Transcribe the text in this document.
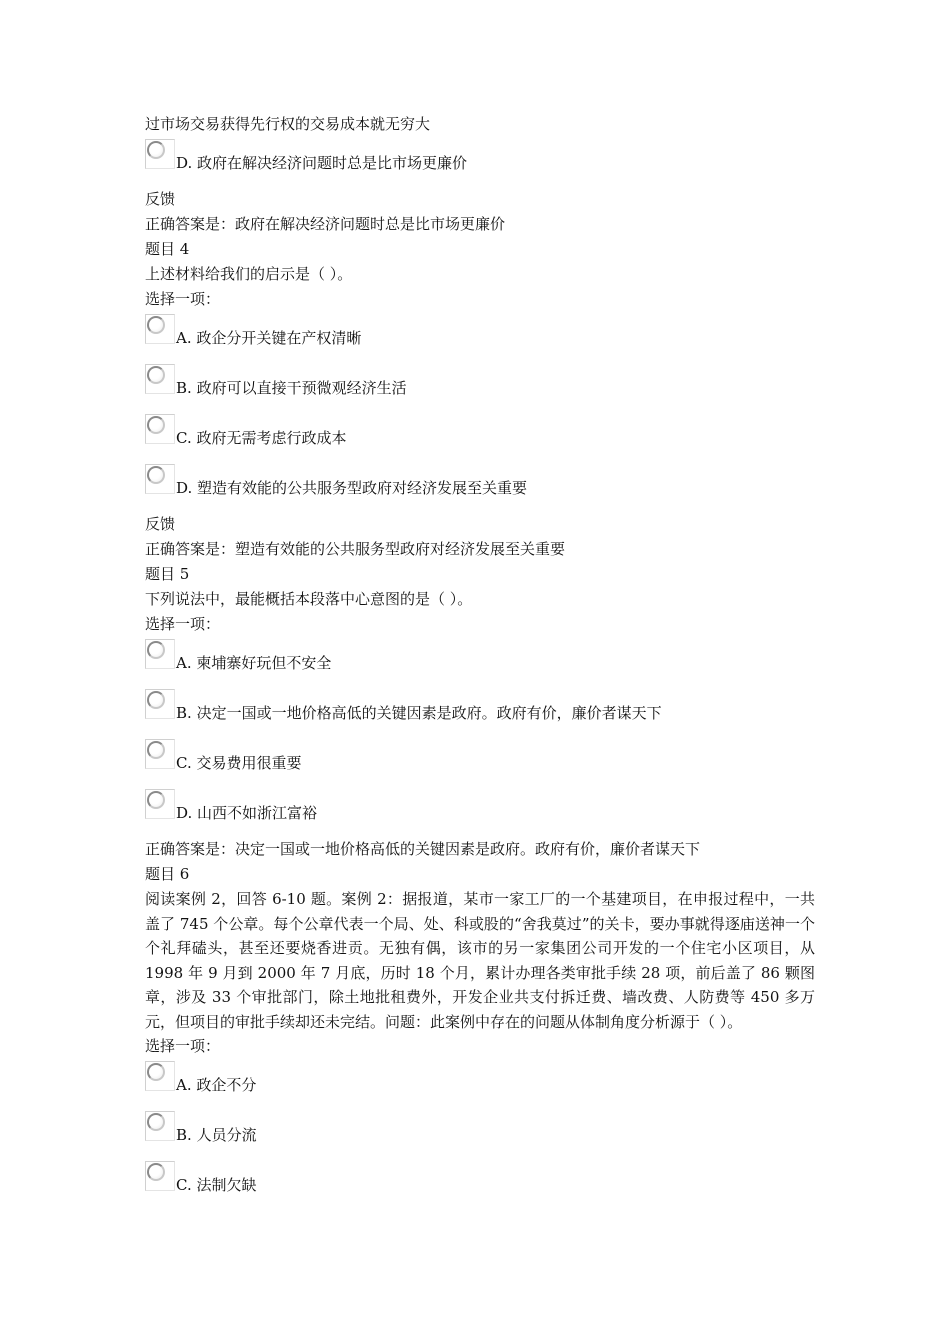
过市场交易获得先行权的交易成本就无穷大
D. 政府在解决经济问题时总是比市场更廉价
反馈
正确答案是：政府在解决经济问题时总是比市场更廉价
题目 4
上述材料给我们的启示是（ ）。
选择一项：
A. 政企分开关键在产权清晰
B. 政府可以直接干预微观经济生活
C. 政府无需考虑行政成本
D. 塑造有效能的公共服务型政府对经济发展至关重要
反馈
正确答案是：塑造有效能的公共服务型政府对经济发展至关重要
题目 5
下列说法中，最能概括本段落中心意图的是（ ）。
选择一项：
A. 柬埔寨好玩但不安全
B. 决定一国或一地价格高低的关键因素是政府。政府有价，廉价者谋天下
C. 交易费用很重要
D. 山西不如浙江富裕
正确答案是：决定一国或一地价格高低的关键因素是政府。政府有价，廉价者谋天下
题目 6
阅读案例 2，回答 6-10 题。案例 2：据报道，某市一家工厂的一个基建项目，在申报过程中，一共盖了 745 个公章。每个公章代表一个局、处、科或股的“舍我莫过”的关卡，要办事就得逐庙送神一个个礼拜磕头，甚至还要烧香进贡。无独有偶，该市的另一家集团公司开发的一个住宅小区项目，从 1998 年 9 月到 2000 年 7 月底，历时 18 个月，累计办理各类审批手续 28 项，前后盖了 86 颗图章，涉及 33 个审批部门，除土地批租费外，开发企业共支付拆迁费、墙改费、人防费等 450 多万元，但项目的审批手续却还未完结。问题：此案例中存在的问题从体制角度分析源于（ ）。
选择一项：
A. 政企不分
B. 人员分流
C. 法制欠缺
